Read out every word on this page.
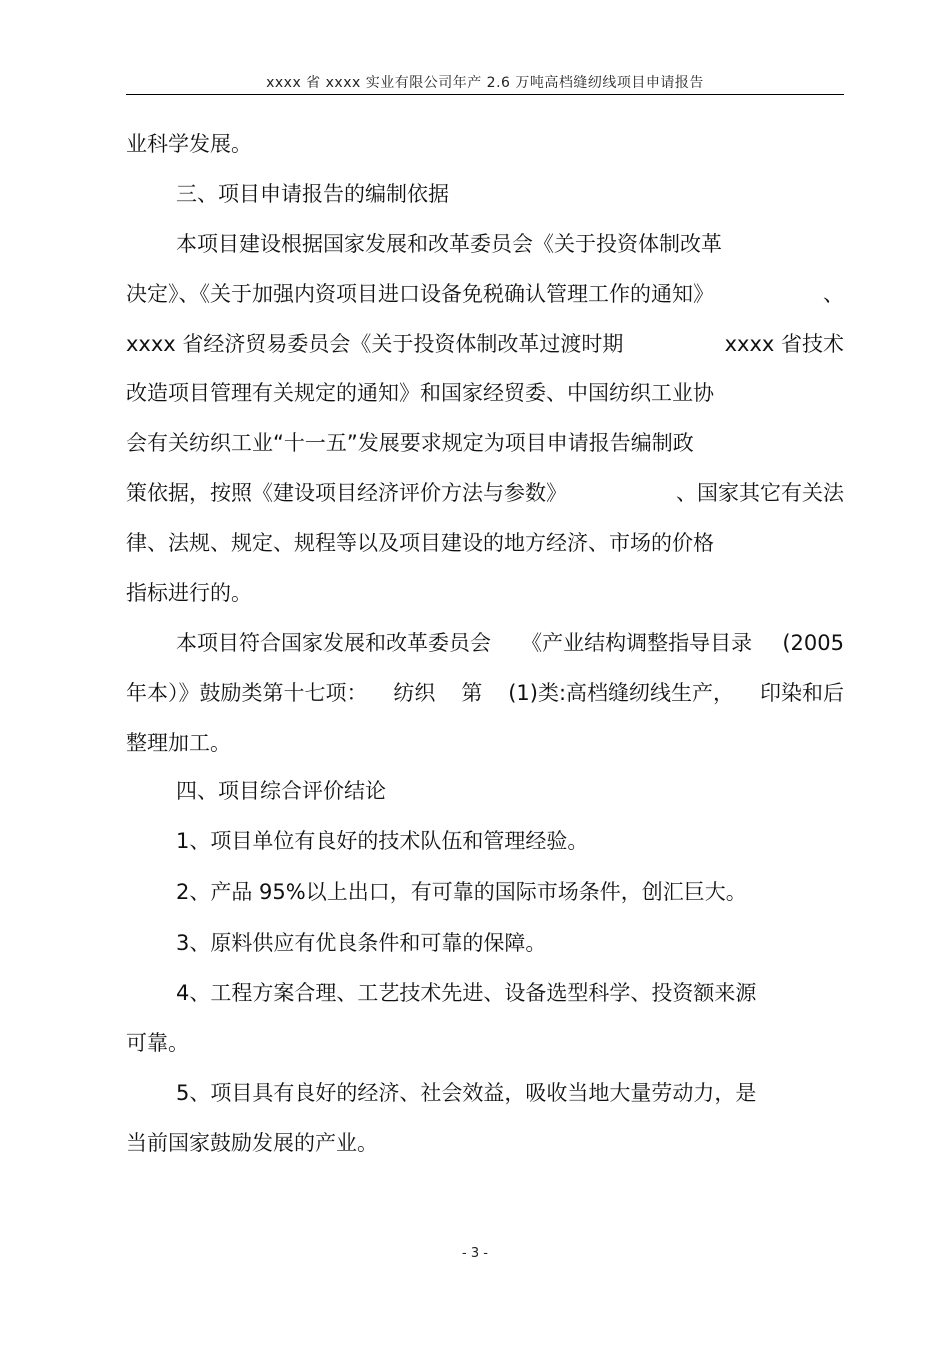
xxxx 省 xxxx 实业有限公司年产 2.6 万吨高档缝纫线项目申请报告
业科学发展。
三、项目申请报告的编制依据
本项目建设根据国家发展和改革委员会《关于投资体制改革
决定》、《关于加强内资项目进口设备免税确认管理工作的通知》	、
xxxx 省经济贸易委员会《关于投资体制改革过渡时期	xxxx 省技术
改造项目管理有关规定的通知》和国家经贸委、中国纺织工业协
会有关纺织工业“十一五”发展要求规定为项目申请报告编制政
策依据，按照《建设项目经济评价方法与参数》	、国家其它有关法
律、法规、规定、规程等以及项目建设的地方经济、市场的价格
指标进行的。
本项目符合国家发展和改革委员会 《产业结构调整指导目录 (2005
年本）》鼓励类第十七项： 纺织 第 (1)类:高档缝纫线生产， 印染和后
整理加工。
四、项目综合评价结论
1、项目单位有良好的技术队伍和管理经验。
2、产品 95%以上出口，有可靠的国际市场条件，创汇巨大。
3、原料供应有优良条件和可靠的保障。
4、工程方案合理、工艺技术先进、设备选型科学、投资额来源
可靠。
5、项目具有良好的经济、社会效益，吸收当地大量劳动力，是
当前国家鼓励发展的产业。
- 3 -
